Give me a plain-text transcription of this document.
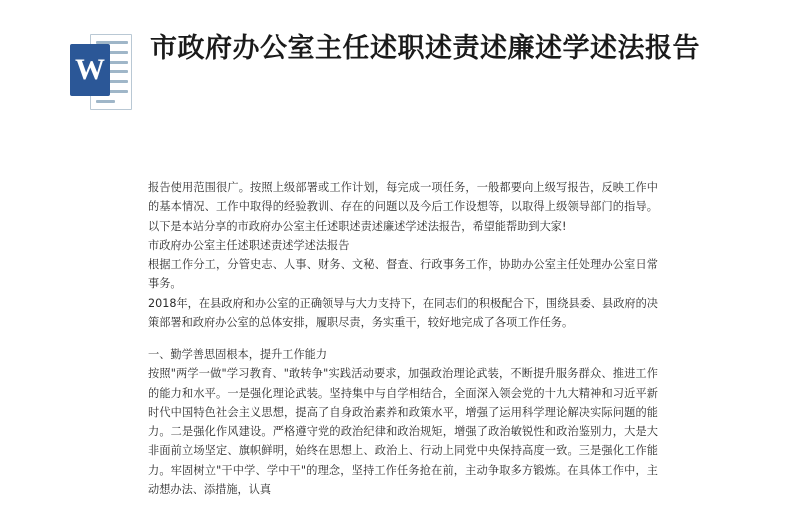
W
市政府办公室主任述职述责述廉述学述法报告

报告使用范围很广。按照上级部署或工作计划，每完成一项任务，一般都要向上级写报告，反映工作中的基本情况、工作中取得的经验教训、存在的问题以及今后工作设想等，以取得上级领导部门的指导。以下是本站分享的市政府办公室主任述职述责述廉述学述法报告，希望能帮助到大家!

市政府办公室主任述职述责述学述法报告

根据工作分工，分管史志、人事、财务、文秘、督查、行政事务工作，协助办公室主任处理办公室日常事务。

2018年，在县政府和办公室的正确领导与大力支持下，在同志们的积极配合下，围绕县委、县政府的决策部署和政府办公室的总体安排，履职尽责，务实重干，较好地完成了各项工作任务。

一、勤学善思固根本，提升工作能力

按照"两学一做"学习教育、"敢转争"实践活动要求，加强政治理论武装，不断提升服务群众、推进工作的能力和水平。一是强化理论武装。坚持集中与自学相结合，全面深入领会党的十九大精神和习近平新时代中国特色社会主义思想，提高了自身政治素养和政策水平，增强了运用科学理论解决实际问题的能力。二是强化作风建设。严格遵守党的政治纪律和政治规矩，增强了政治敏锐性和政治鉴别力，大是大非面前立场坚定、旗帜鲜明，始终在思想上、政治上、行动上同党中央保持高度一致。三是强化工作能力。牢固树立"干中学、学中干"的理念，坚持工作任务抢在前，主动争取多方锻炼。在具体工作中，主动想办法、添措施，认真
